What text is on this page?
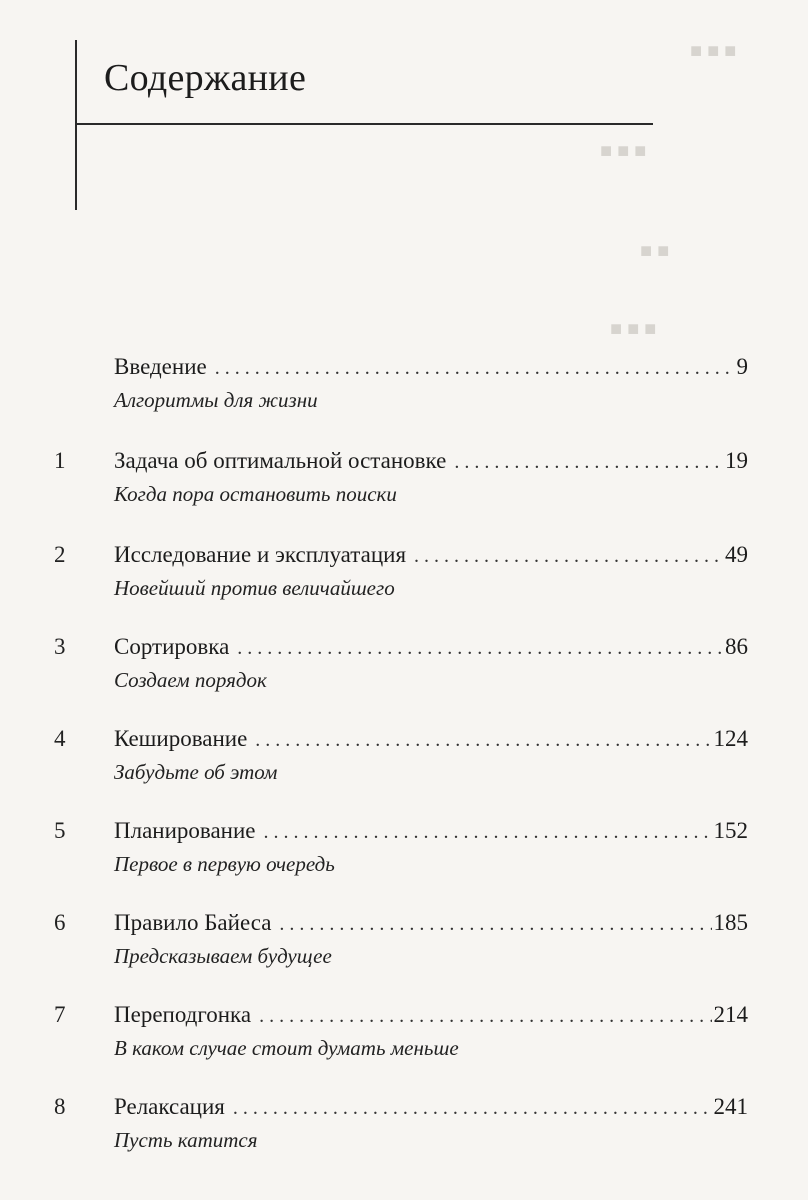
■ ■ ■
■ ■ ■
■ ■
■ ■ ■
Содержание
Введение . . .	9
Алгоритмы для жизни
1	Задача об оптимальной остановке . . .	19
Когда пора остановить поиски
2	Исследование и эксплуатация . . .	49
Новейший против величайшего
3	Сортировка . . .	86
Создаем порядок
4	Кеширование . . .	124
Забудьте об этом
5	Планирование . . .	152
Первое в первую очередь
6	Правило Байеса . . .	185
Предсказываем будущее
7	Переподгонка . . .	214
В каком случае стоит думать меньше
8	Релаксация . . .	241
Пусть катится
